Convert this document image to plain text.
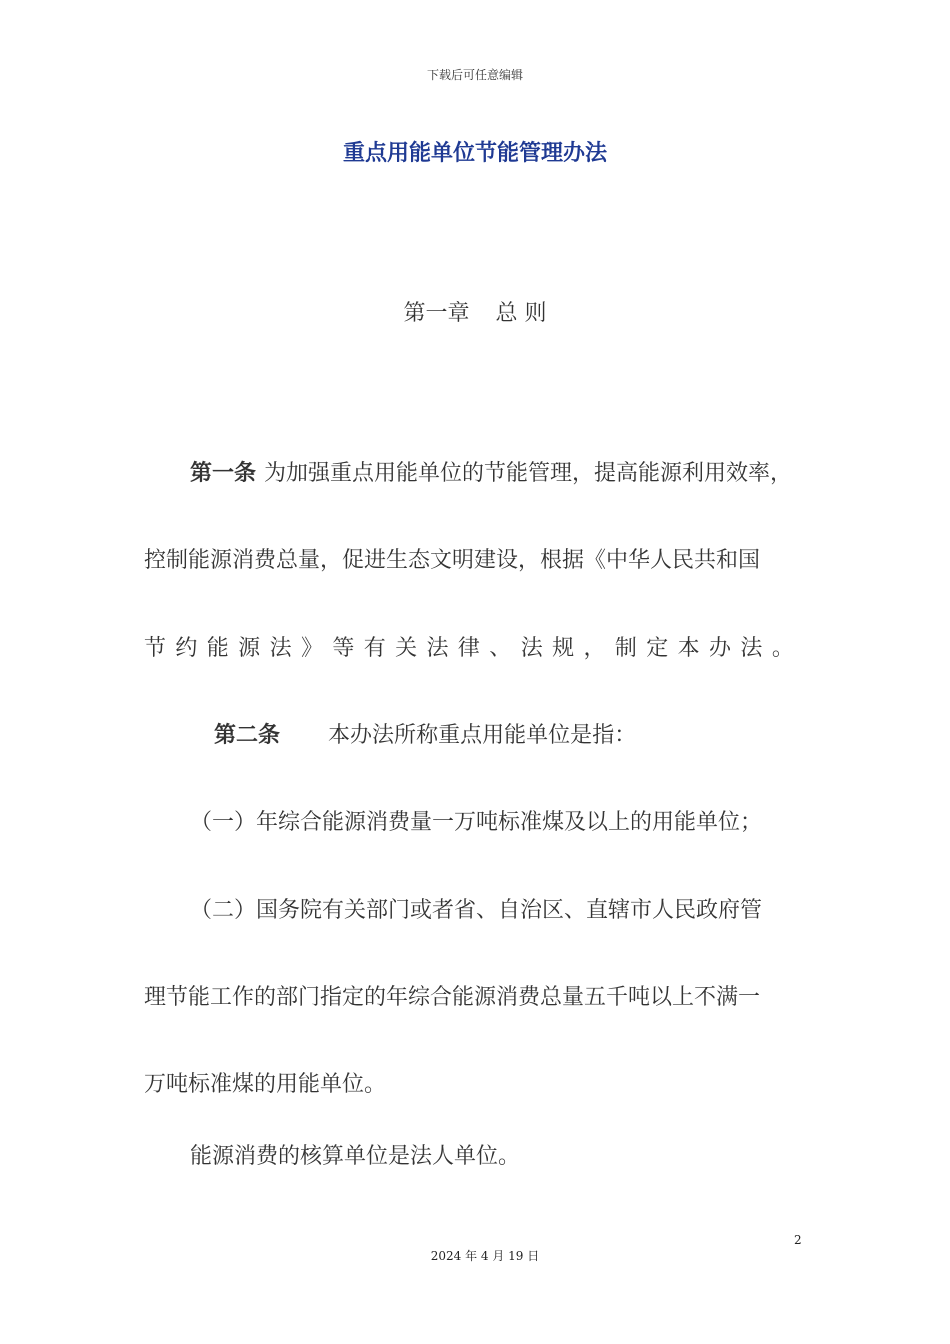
下载后可任意编辑
重点用能单位节能管理办法
第一章 总 则
第一条 为加强重点用能单位的节能管理，提高能源利用效率，
控制能源消费总量，促进生态文明建设，根据《中华人民共和国
节 约 能 源 法 》 等 有 关 法 律 、 法 规 ， 制 定 本 办 法 。
第二条	本办法所称重点用能单位是指：
（一）年综合能源消费量一万吨标准煤及以上的用能单位；
（二）国务院有关部门或者省、自治区、直辖市人民政府管
理节能工作的部门指定的年综合能源消费总量五千吨以上不满一
万吨标准煤的用能单位。
能源消费的核算单位是法人单位。
2
2024 年 4 月 19 日
